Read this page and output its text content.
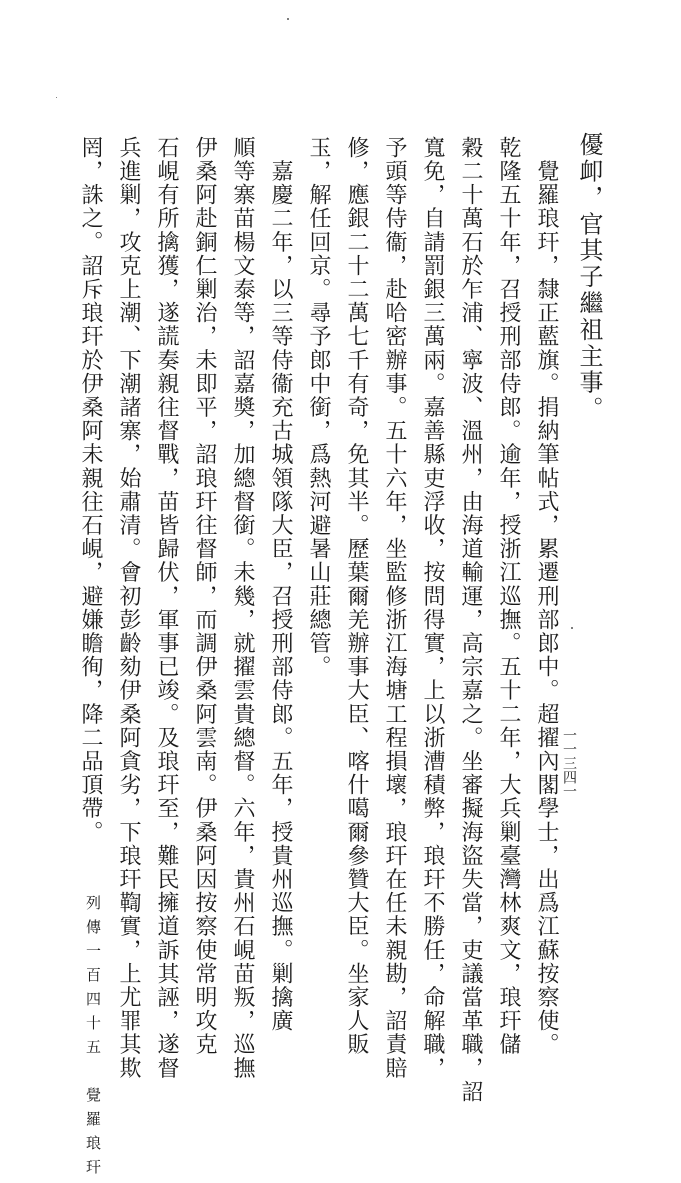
優卹，官其子繼祖主事。
　覺羅琅玕，隸正藍旗。捐納筆帖式，累遷刑部郎中。超擢內閣學士，出爲江蘇按察使。
乾隆五十年，召授刑部侍郎。逾年，授浙江巡撫。五十二年，大兵剿臺灣林爽文，琅玕儲
穀二十萬石於乍浦、寧波、溫州，由海道輸運，高宗嘉之。坐審擬海盜失當，吏議當革職，詔
寬免，自請罰銀三萬兩。嘉善縣吏浮收，按問得實，上以浙漕積弊，琅玕不勝任，命解職，
予頭等侍衞，赴哈密辦事。五十六年，坐監修浙江海塘工程損壞，琅玕在任未親勘，詔責賠
修，應銀二十二萬七千有奇，免其半。歷葉爾羌辦事大臣、喀什噶爾參贊大臣。坐家人販
玉，解任回京。尋予郎中銜，爲熱河避暑山莊總管。
　嘉慶二年，以三等侍衞充古城領隊大臣，召授刑部侍郎。五年，授貴州巡撫。剿擒廣
順等寨苗楊文泰等，詔嘉奬，加總督銜。未幾，就擢雲貴總督。六年，貴州石峴苗叛，巡撫
伊桑阿赴銅仁剿治，未即平，詔琅玕往督師，而調伊桑阿雲南。伊桑阿因按察使常明攻克
石峴有所擒獲，遂謊奏親往督戰，苗皆歸伏，軍事已竣。及琅玕至，難民擁道訴其誣，遂督
兵進剿，攻克上潮、下潮諸寨，始肅清。會初彭齡劾伊桑阿貪劣，下琅玕鞫實，上尤罪其欺
罔，誅之。詔斥琅玕於伊桑阿未親往石峴，避嫌瞻徇，降二品頂帶。
列傳一百四十五　覺羅琅玕
一一三四一
